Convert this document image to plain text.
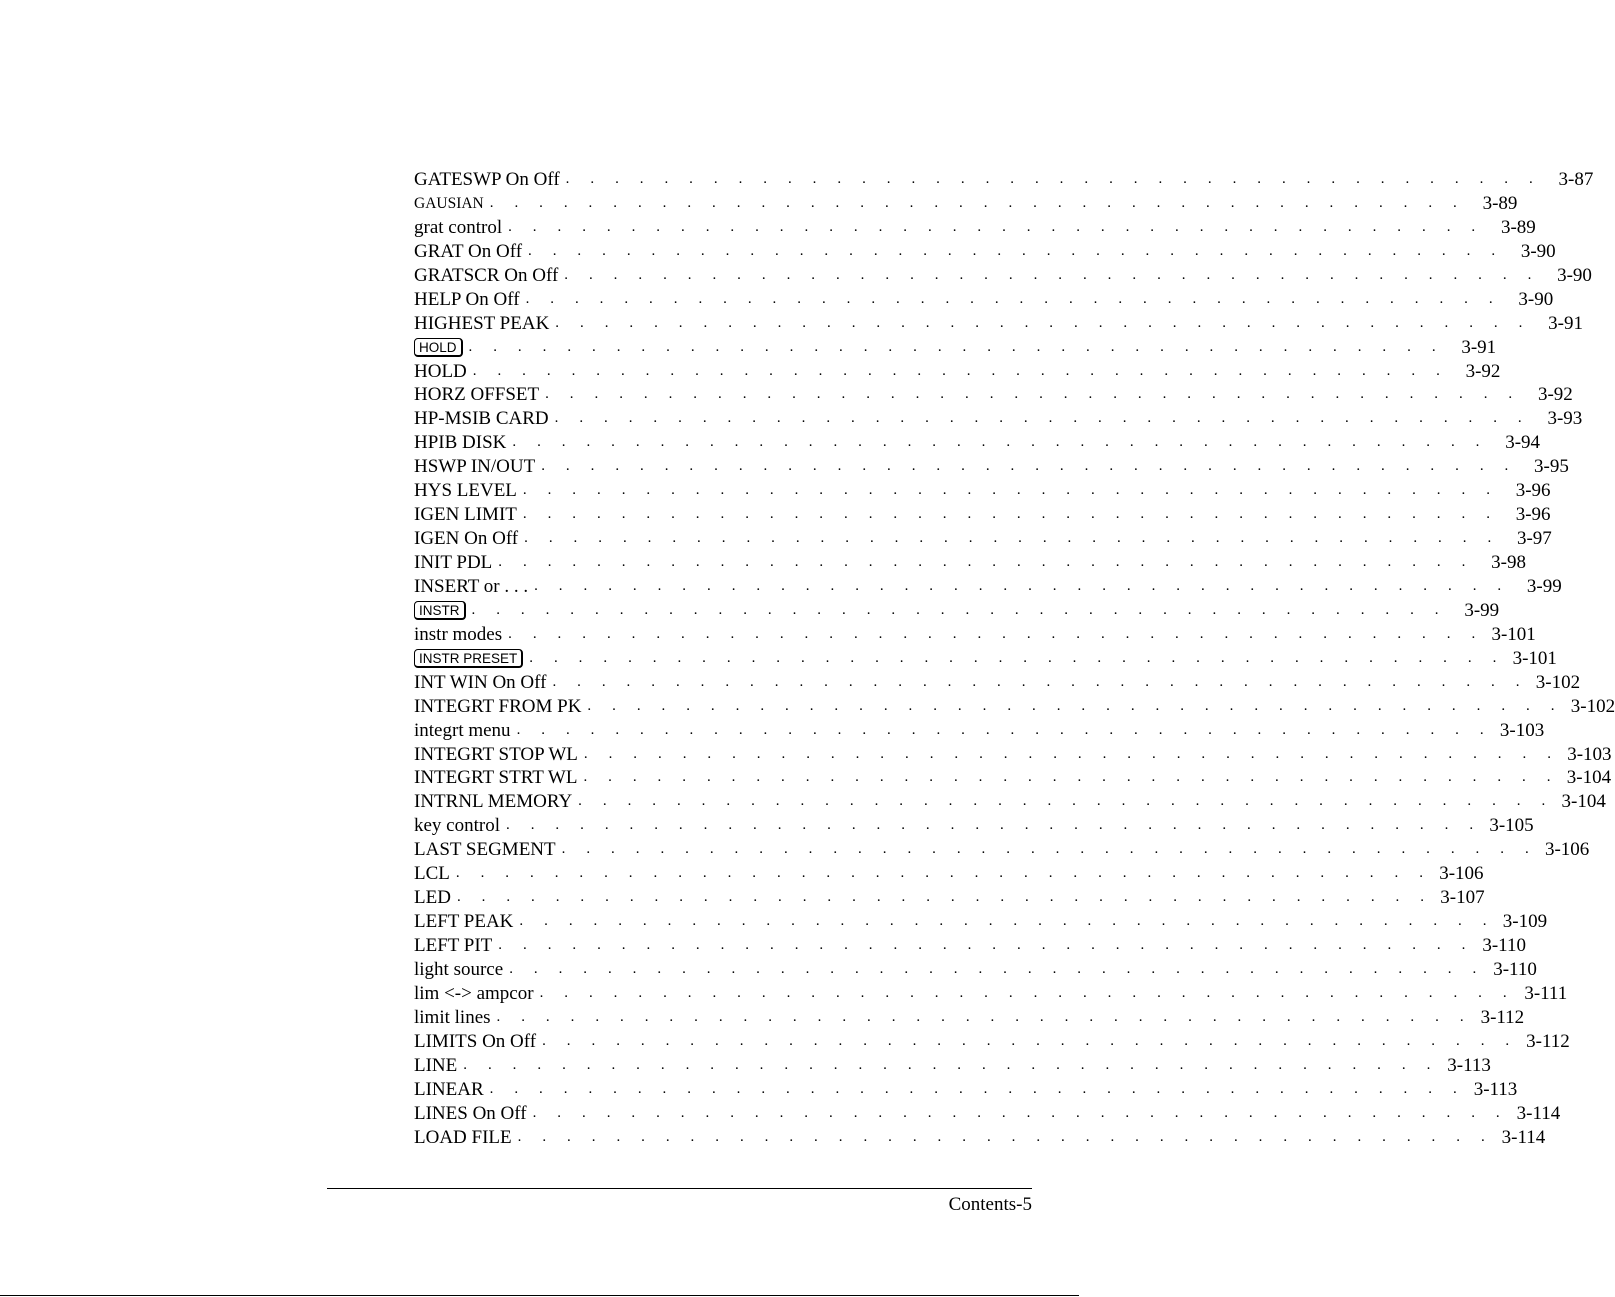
GATESWP On Off . . . . . . . . . . . . . . . . . . . . . . . . . . . . . . . . . . . . . . . . 3-87
GAUSIAN . . . . . . . . . . . . . . . . . . . . . . . . . . . . . . . . . . . . . . . . 3-89
grat control . . . . . . . . . . . . . . . . . . . . . . . . . . . . . . . . . . . . . . . . 3-89
GRAT On Off . . . . . . . . . . . . . . . . . . . . . . . . . . . . . . . . . . . . . . . . 3-90
GRATSCR On Off . . . . . . . . . . . . . . . . . . . . . . . . . . . . . . . . . . . . . . . . 3-90
HELP On Off . . . . . . . . . . . . . . . . . . . . . . . . . . . . . . . . . . . . . . . . 3-90
HIGHEST PEAK . . . . . . . . . . . . . . . . . . . . . . . . . . . . . . . . . . . . . . . . 3-91
HOLD . . . . . . . . . . . . . . . . . . . . . . . . . . . . . . . . . . . . . . . . 3-91
HOLD . . . . . . . . . . . . . . . . . . . . . . . . . . . . . . . . . . . . . . . . 3-92
HORZ OFFSET . . . . . . . . . . . . . . . . . . . . . . . . . . . . . . . . . . . . . . . . 3-92
HP-MSIB CARD . . . . . . . . . . . . . . . . . . . . . . . . . . . . . . . . . . . . . . . . 3-93
HPIB DISK . . . . . . . . . . . . . . . . . . . . . . . . . . . . . . . . . . . . . . . . 3-94
HSWP IN/OUT . . . . . . . . . . . . . . . . . . . . . . . . . . . . . . . . . . . . . . . . 3-95
HYS LEVEL . . . . . . . . . . . . . . . . . . . . . . . . . . . . . . . . . . . . . . . . 3-96
IGEN LIMIT . . . . . . . . . . . . . . . . . . . . . . . . . . . . . . . . . . . . . . . . 3-96
IGEN On Off . . . . . . . . . . . . . . . . . . . . . . . . . . . . . . . . . . . . . . . . 3-97
INIT PDL . . . . . . . . . . . . . . . . . . . . . . . . . . . . . . . . . . . . . . . . 3-98
INSERT or . . . . . . . . . . . . . . . . . . . . . . . . . . . . . . . . . . . . . . . . . . . 3-99
INSTR . . . . . . . . . . . . . . . . . . . . . . . . . . . . . . . . . . . . . . . . 3-99
instr modes . . . . . . . . . . . . . . . . . . . . . . . . . . . . . . . . . . . . . . . . 3-101
INSTR PRESET . . . . . . . . . . . . . . . . . . . . . . . . . . . . . . . . . . . . . . . . 3-101
INT WIN On Off . . . . . . . . . . . . . . . . . . . . . . . . . . . . . . . . . . . . . . . . 3-102
INTEGRT FROM PK . . . . . . . . . . . . . . . . . . . . . . . . . . . . . . . . . . . . . . . . 3-102
integrt menu . . . . . . . . . . . . . . . . . . . . . . . . . . . . . . . . . . . . . . . . 3-103
INTEGRT STOP WL . . . . . . . . . . . . . . . . . . . . . . . . . . . . . . . . . . . . . . . . 3-103
INTEGRT STRT WL . . . . . . . . . . . . . . . . . . . . . . . . . . . . . . . . . . . . . . . . 3-104
INTRNL MEMORY . . . . . . . . . . . . . . . . . . . . . . . . . . . . . . . . . . . . . . . . 3-104
key control . . . . . . . . . . . . . . . . . . . . . . . . . . . . . . . . . . . . . . . . 3-105
LAST SEGMENT . . . . . . . . . . . . . . . . . . . . . . . . . . . . . . . . . . . . . . . . 3-106
LCL . . . . . . . . . . . . . . . . . . . . . . . . . . . . . . . . . . . . . . . . 3-106
LED . . . . . . . . . . . . . . . . . . . . . . . . . . . . . . . . . . . . . . . . 3-107
LEFT PEAK . . . . . . . . . . . . . . . . . . . . . . . . . . . . . . . . . . . . . . . . 3-109
LEFT PIT . . . . . . . . . . . . . . . . . . . . . . . . . . . . . . . . . . . . . . . . 3-110
light source . . . . . . . . . . . . . . . . . . . . . . . . . . . . . . . . . . . . . . . . 3-110
lim <-> ampcor . . . . . . . . . . . . . . . . . . . . . . . . . . . . . . . . . . . . . . . . 3-111
limit lines . . . . . . . . . . . . . . . . . . . . . . . . . . . . . . . . . . . . . . . . 3-112
LIMITS On Off . . . . . . . . . . . . . . . . . . . . . . . . . . . . . . . . . . . . . . . . 3-112
LINE . . . . . . . . . . . . . . . . . . . . . . . . . . . . . . . . . . . . . . . . 3-113
LINEAR . . . . . . . . . . . . . . . . . . . . . . . . . . . . . . . . . . . . . . . . 3-113
LINES On Off . . . . . . . . . . . . . . . . . . . . . . . . . . . . . . . . . . . . . . . . 3-114
LOAD FILE . . . . . . . . . . . . . . . . . . . . . . . . . . . . . . . . . . . . . . . . 3-114
Contents-5
